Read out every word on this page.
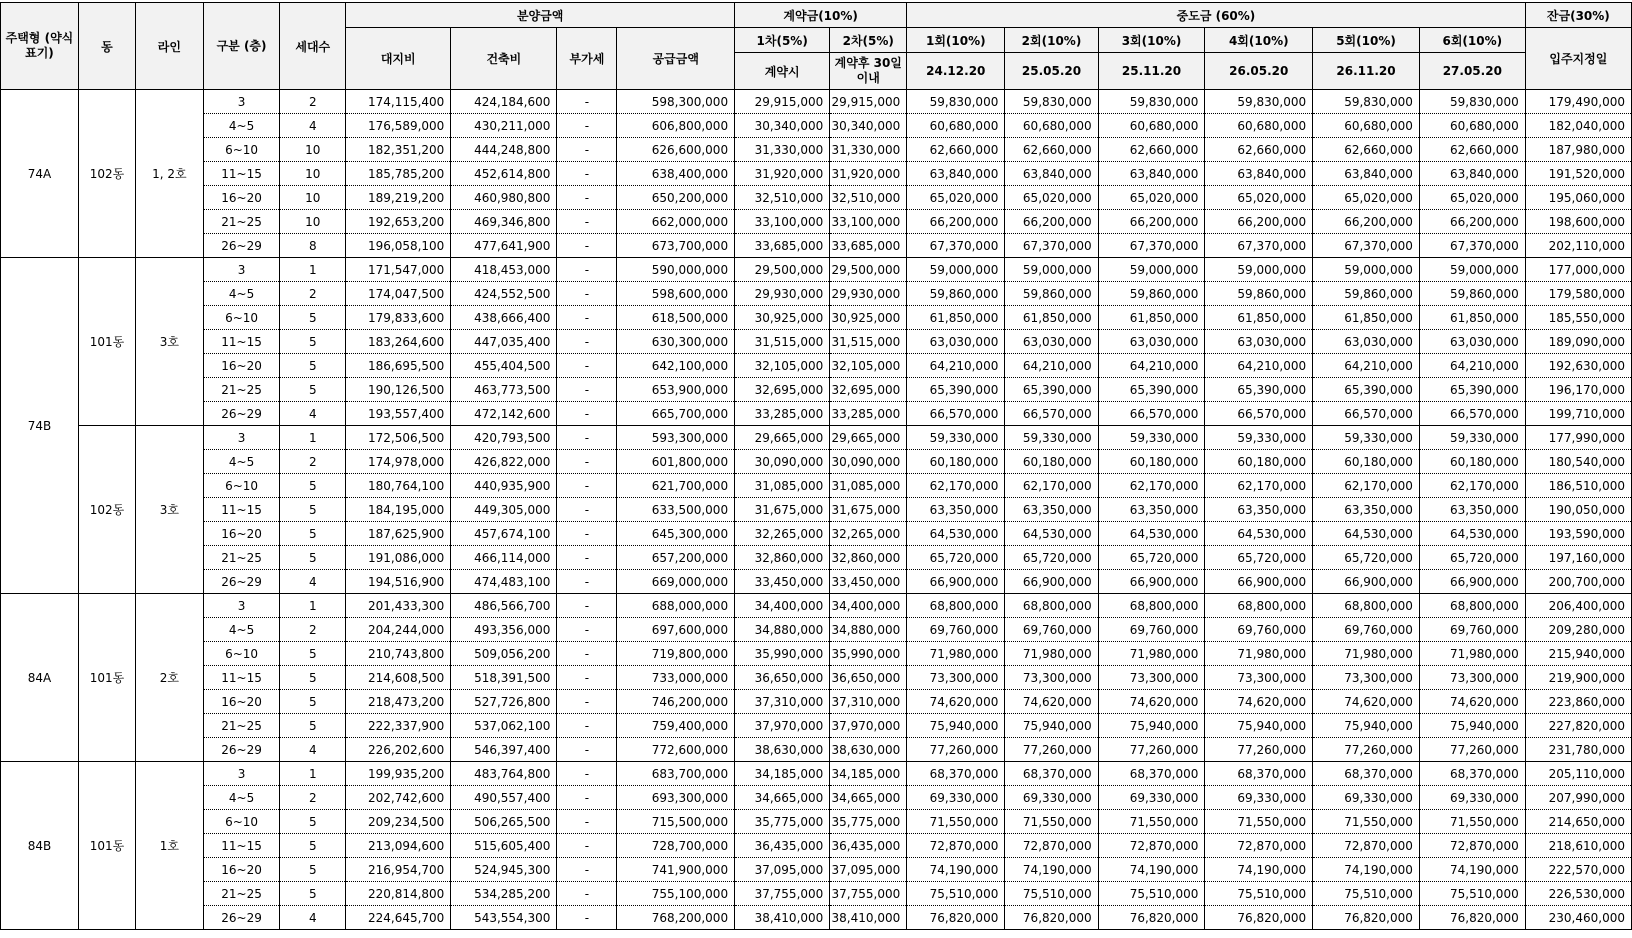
주택형 (약식표기)	동	라인	구분 (층)	세대수	분양금액				계약금(10%)		중도금 (60%)						잔금(30%)
					대지비	건축비	부가세	공급금액	1차(5%)	2차(5%)	1회(10%)	2회(10%)	3회(10%)	4회(10%)	5회(10%)	6회(10%)	입주지정일
									계약시	계약후 30일이내	24.12.20	25.05.20	25.11.20	26.05.20	26.11.20	27.05.20	
74A	102동	1, 2호	3	2	174,115,400	424,184,600	-	598,300,000	29,915,000	29,915,000	59,830,000	59,830,000	59,830,000	59,830,000	59,830,000	59,830,000	179,490,000
			4~5	4	176,589,000	430,211,000	-	606,800,000	30,340,000	30,340,000	60,680,000	60,680,000	60,680,000	60,680,000	60,680,000	60,680,000	182,040,000
			6~10	10	182,351,200	444,248,800	-	626,600,000	31,330,000	31,330,000	62,660,000	62,660,000	62,660,000	62,660,000	62,660,000	62,660,000	187,980,000
			11~15	10	185,785,200	452,614,800	-	638,400,000	31,920,000	31,920,000	63,840,000	63,840,000	63,840,000	63,840,000	63,840,000	63,840,000	191,520,000
			16~20	10	189,219,200	460,980,800	-	650,200,000	32,510,000	32,510,000	65,020,000	65,020,000	65,020,000	65,020,000	65,020,000	65,020,000	195,060,000
			21~25	10	192,653,200	469,346,800	-	662,000,000	33,100,000	33,100,000	66,200,000	66,200,000	66,200,000	66,200,000	66,200,000	66,200,000	198,600,000
			26~29	8	196,058,100	477,641,900	-	673,700,000	33,685,000	33,685,000	67,370,000	67,370,000	67,370,000	67,370,000	67,370,000	67,370,000	202,110,000
74B	101동	3호	3	1	171,547,000	418,453,000	-	590,000,000	29,500,000	29,500,000	59,000,000	59,000,000	59,000,000	59,000,000	59,000,000	59,000,000	177,000,000
			4~5	2	174,047,500	424,552,500	-	598,600,000	29,930,000	29,930,000	59,860,000	59,860,000	59,860,000	59,860,000	59,860,000	59,860,000	179,580,000
			6~10	5	179,833,600	438,666,400	-	618,500,000	30,925,000	30,925,000	61,850,000	61,850,000	61,850,000	61,850,000	61,850,000	61,850,000	185,550,000
			11~15	5	183,264,600	447,035,400	-	630,300,000	31,515,000	31,515,000	63,030,000	63,030,000	63,030,000	63,030,000	63,030,000	63,030,000	189,090,000
			16~20	5	186,695,500	455,404,500	-	642,100,000	32,105,000	32,105,000	64,210,000	64,210,000	64,210,000	64,210,000	64,210,000	64,210,000	192,630,000
			21~25	5	190,126,500	463,773,500	-	653,900,000	32,695,000	32,695,000	65,390,000	65,390,000	65,390,000	65,390,000	65,390,000	65,390,000	196,170,000
			26~29	4	193,557,400	472,142,600	-	665,700,000	33,285,000	33,285,000	66,570,000	66,570,000	66,570,000	66,570,000	66,570,000	66,570,000	199,710,000
	102동	3호	3	1	172,506,500	420,793,500	-	593,300,000	29,665,000	29,665,000	59,330,000	59,330,000	59,330,000	59,330,000	59,330,000	59,330,000	177,990,000
			4~5	2	174,978,000	426,822,000	-	601,800,000	30,090,000	30,090,000	60,180,000	60,180,000	60,180,000	60,180,000	60,180,000	60,180,000	180,540,000
			6~10	5	180,764,100	440,935,900	-	621,700,000	31,085,000	31,085,000	62,170,000	62,170,000	62,170,000	62,170,000	62,170,000	62,170,000	186,510,000
			11~15	5	184,195,000	449,305,000	-	633,500,000	31,675,000	31,675,000	63,350,000	63,350,000	63,350,000	63,350,000	63,350,000	63,350,000	190,050,000
			16~20	5	187,625,900	457,674,100	-	645,300,000	32,265,000	32,265,000	64,530,000	64,530,000	64,530,000	64,530,000	64,530,000	64,530,000	193,590,000
			21~25	5	191,086,000	466,114,000	-	657,200,000	32,860,000	32,860,000	65,720,000	65,720,000	65,720,000	65,720,000	65,720,000	65,720,000	197,160,000
			26~29	4	194,516,900	474,483,100	-	669,000,000	33,450,000	33,450,000	66,900,000	66,900,000	66,900,000	66,900,000	66,900,000	66,900,000	200,700,000
84A	101동	2호	3	1	201,433,300	486,566,700	-	688,000,000	34,400,000	34,400,000	68,800,000	68,800,000	68,800,000	68,800,000	68,800,000	68,800,000	206,400,000
			4~5	2	204,244,000	493,356,000	-	697,600,000	34,880,000	34,880,000	69,760,000	69,760,000	69,760,000	69,760,000	69,760,000	69,760,000	209,280,000
			6~10	5	210,743,800	509,056,200	-	719,800,000	35,990,000	35,990,000	71,980,000	71,980,000	71,980,000	71,980,000	71,980,000	71,980,000	215,940,000
			11~15	5	214,608,500	518,391,500	-	733,000,000	36,650,000	36,650,000	73,300,000	73,300,000	73,300,000	73,300,000	73,300,000	73,300,000	219,900,000
			16~20	5	218,473,200	527,726,800	-	746,200,000	37,310,000	37,310,000	74,620,000	74,620,000	74,620,000	74,620,000	74,620,000	74,620,000	223,860,000
			21~25	5	222,337,900	537,062,100	-	759,400,000	37,970,000	37,970,000	75,940,000	75,940,000	75,940,000	75,940,000	75,940,000	75,940,000	227,820,000
			26~29	4	226,202,600	546,397,400	-	772,600,000	38,630,000	38,630,000	77,260,000	77,260,000	77,260,000	77,260,000	77,260,000	77,260,000	231,780,000
84B	101동	1호	3	1	199,935,200	483,764,800	-	683,700,000	34,185,000	34,185,000	68,370,000	68,370,000	68,370,000	68,370,000	68,370,000	68,370,000	205,110,000
			4~5	2	202,742,600	490,557,400	-	693,300,000	34,665,000	34,665,000	69,330,000	69,330,000	69,330,000	69,330,000	69,330,000	69,330,000	207,990,000
			6~10	5	209,234,500	506,265,500	-	715,500,000	35,775,000	35,775,000	71,550,000	71,550,000	71,550,000	71,550,000	71,550,000	71,550,000	214,650,000
			11~15	5	213,094,600	515,605,400	-	728,700,000	36,435,000	36,435,000	72,870,000	72,870,000	72,870,000	72,870,000	72,870,000	72,870,000	218,610,000
			16~20	5	216,954,700	524,945,300	-	741,900,000	37,095,000	37,095,000	74,190,000	74,190,000	74,190,000	74,190,000	74,190,000	74,190,000	222,570,000
			21~25	5	220,814,800	534,285,200	-	755,100,000	37,755,000	37,755,000	75,510,000	75,510,000	75,510,000	75,510,000	75,510,000	75,510,000	226,530,000
			26~29	4	224,645,700	543,554,300	-	768,200,000	38,410,000	38,410,000	76,820,000	76,820,000	76,820,000	76,820,000	76,820,000	76,820,000	230,460,000
